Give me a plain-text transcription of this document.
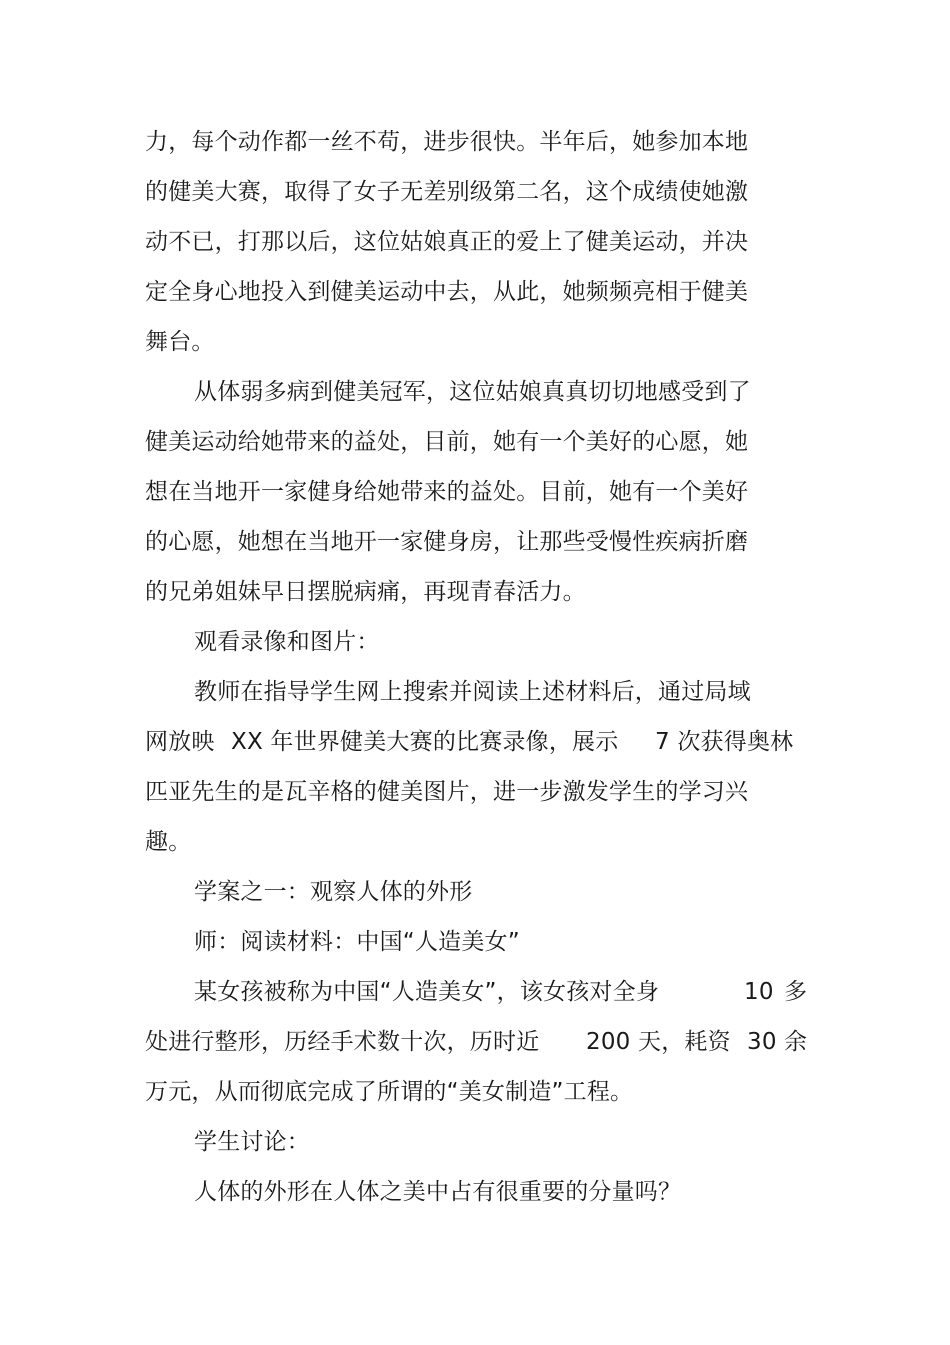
力，每个动作都一丝不苟，进步很快。半年后，她参加本地
的健美大赛，取得了女子无差别级第二名，这个成绩使她激
动不已，打那以后，这位姑娘真正的爱上了健美运动，并决
定全身心地投入到健美运动中去，从此，她频频亮相于健美
舞台。
从体弱多病到健美冠军，这位姑娘真真切切地感受到了
健美运动给她带来的益处，目前，她有一个美好的心愿，她
想在当地开一家健身给她带来的益处。目前，她有一个美好
的心愿，她想在当地开一家健身房，让那些受慢性疾病折磨
的兄弟姐妹早日摆脱病痛，再现青春活力。
观看录像和图片：
教师在指导学生网上搜索并阅读上述材料后，通过局域
网放映 XX 年世界健美大赛的比赛录像，展示 7 次获得奥林
匹亚先生的是瓦辛格的健美图片，进一步激发学生的学习兴
趣。
学案之一：观察人体的外形
师：阅读材料：中国“人造美女”
某女孩被称为中国“人造美女”，该女孩对全身	10 多
处进行整形，历经手术数十次，历时近 200 天，耗资 30 余
万元，从而彻底完成了所谓的“美女制造”工程。
学生讨论：
人体的外形在人体之美中占有很重要的分量吗？
